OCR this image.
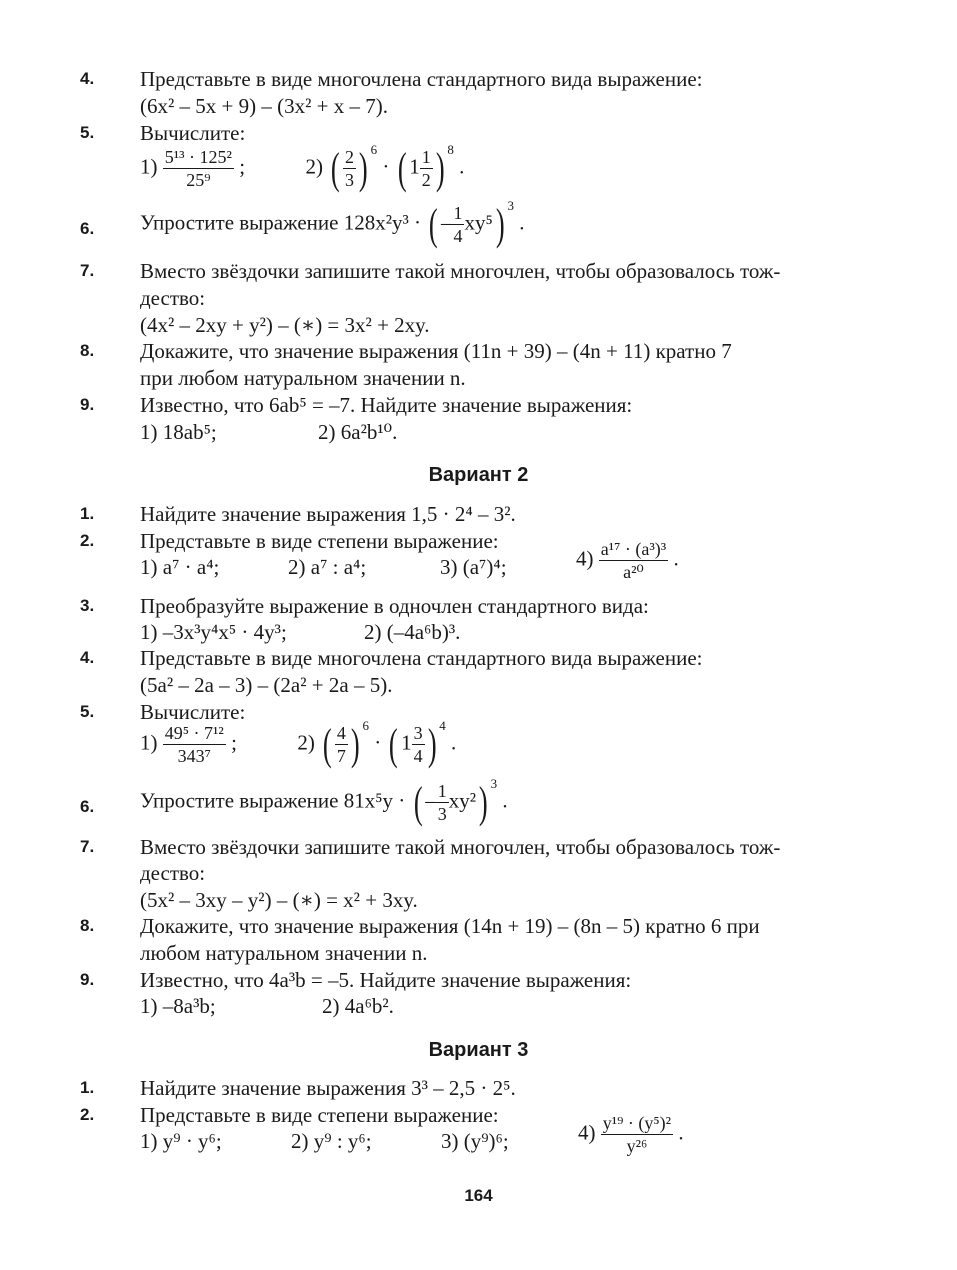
4.	Представьте в виде многочлена стандартного вида выражение:
(6x² – 5x + 9) – (3x² + x – 7).
5.	Вычислите:
$1) \frac{\text{5¹³ · 125²}}{\text{25⁹}}$ ;	2) ( $\frac{2}{3}$ ) 6 · ( $1 \frac{1}{2}$ ) 8 .
6.	Упростите выражение 128x²y³ · ( – $\frac{1}{4} xy^5$) 3 .
7.	Вместо звёздочки запишите такой многочлен, чтобы образовалось тож-
дество:
(4x² – 2xy + y²) – (∗) = 3x² + 2xy.
8.	Докажите, что значение выражения (11n + 39) – (4n + 11) кратно 7
при любом натуральном значении n.
9.	Известно, что 6ab⁵ = –7. Найдите значение выражения:
1) 18ab⁵;	2) 6a²b¹⁰.
Вариант 2
1.	Найдите значение выражения 1,5 · 2⁴ – 3².
2.	Представьте в виде степени выражение:
1) a⁷ · a⁴;	2) a⁷ : a⁴;	3) (a⁷)⁴;	$4) \frac{\text{a¹⁷ · (a³)³}}{\text{a²⁰}}$ .
3.	Преобразуйте выражение в одночлен стандартного вида:
1) –3x³y⁴x⁵ · 4y³;	2) (–4a⁶b)³.
4.	Представьте в виде многочлена стандартного вида выражение:
(5a² – 2a – 3) – (2a² + 2a – 5).
5.	Вычислите:
$1) \frac{\text{49⁵ · 7¹²}}{\text{343⁷}}$ ;	2) ( $\frac{4}{7}$ ) 6 · ( $1 \frac{3}{4}$ ) 4 .
6.	Упростите выражение 81x⁵y · ( – $\frac{1}{3} xy^2$) 3 .
7.	Вместо звёздочки запишите такой многочлен, чтобы образовалось тож-
дество:
(5x² – 3xy – y²) – (∗) = x² + 3xy.
8.	Докажите, что значение выражения (14n + 19) – (8n – 5) кратно 6 при
любом натуральном значении n.
9.	Известно, что 4a³b = –5. Найдите значение выражения:
1) –8a³b;	2) 4a⁶b².
Вариант 3
1.	Найдите значение выражения 3³ – 2,5 · 2⁵.
2.	Представьте в виде степени выражение:
1) y⁹ · y⁶;	2) y⁹ : y⁶;	3) (y⁹)⁶;	$4) \frac{\text{y¹⁹ · (y⁵)²}}{\text{y²⁶}}$ .
164
